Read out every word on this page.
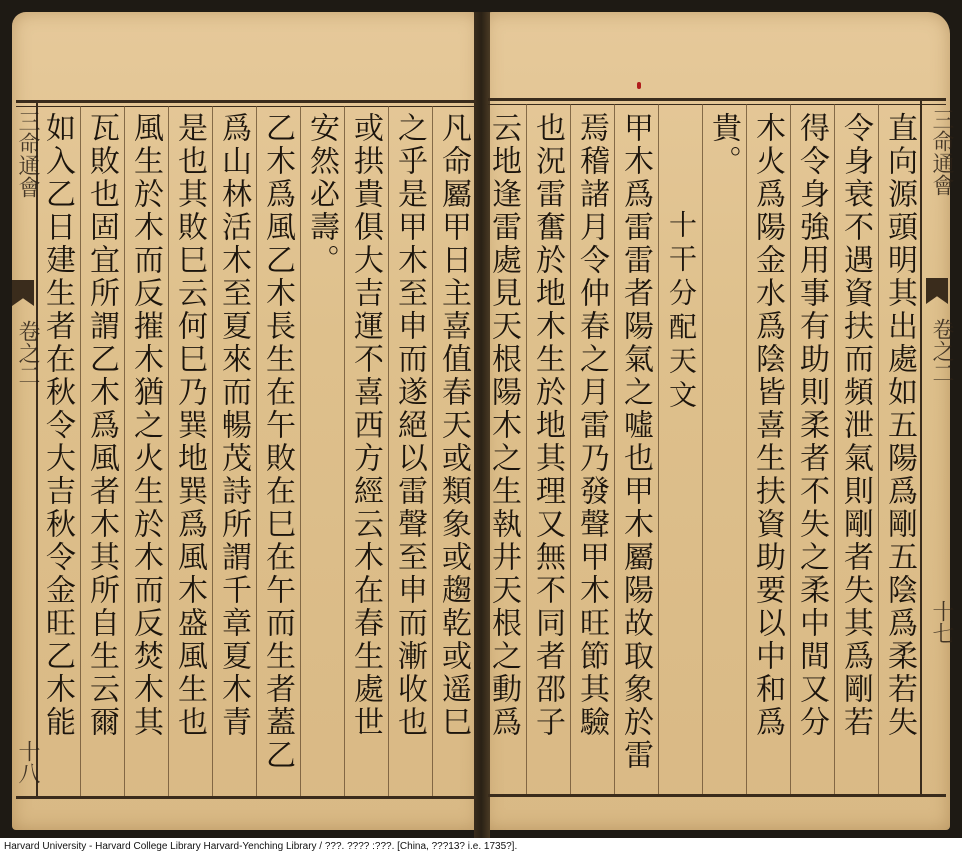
三命通會
卷之二
十八
如入乙日建生者在秋令大吉秋令金旺乙木能 瓦敗也固宜所謂乙木爲風者木其所自生云爾 風生於木而反摧木猶之火生於木而反焚木其 是也其敗巳云何巳乃巽地巽爲風木盛風生也 爲山林活木至夏來而暢茂詩所謂千章夏木青 乙木爲風乙木長生在午敗在巳在午而生者蓋乙 安然必壽。 或拱貴俱大吉運不喜西方經云木在春生處世 之乎是甲木至申而遂絕以雷聲至申而漸收也 凡命屬甲日主喜值春天或類象或趨乾或遥巳 云地逢雷處見天根陽木之生執井天根之動爲 也況雷奮於地木生於地其理又無不同者邵子 焉稽諸月令仲春之月雷乃發聲甲木旺節其驗 甲木爲雷雷者陽氣之噓也甲木屬陽故取象於雷 十干分配天文
貴。 木火爲陽金水爲陰皆喜生扶資助要以中和爲 得令身強用事有助則柔者不失之柔中間又分 令身衰不遇資扶而頻泄氣則剛者失其爲剛若 直向源頭明其出處如五陽爲剛五陰爲柔若失 三命通會
卷之二
十七
Harvard University - Harvard College Library Harvard-Yenching Library / ???. ???? :???. [China, ???13? i.e. 1735?].
